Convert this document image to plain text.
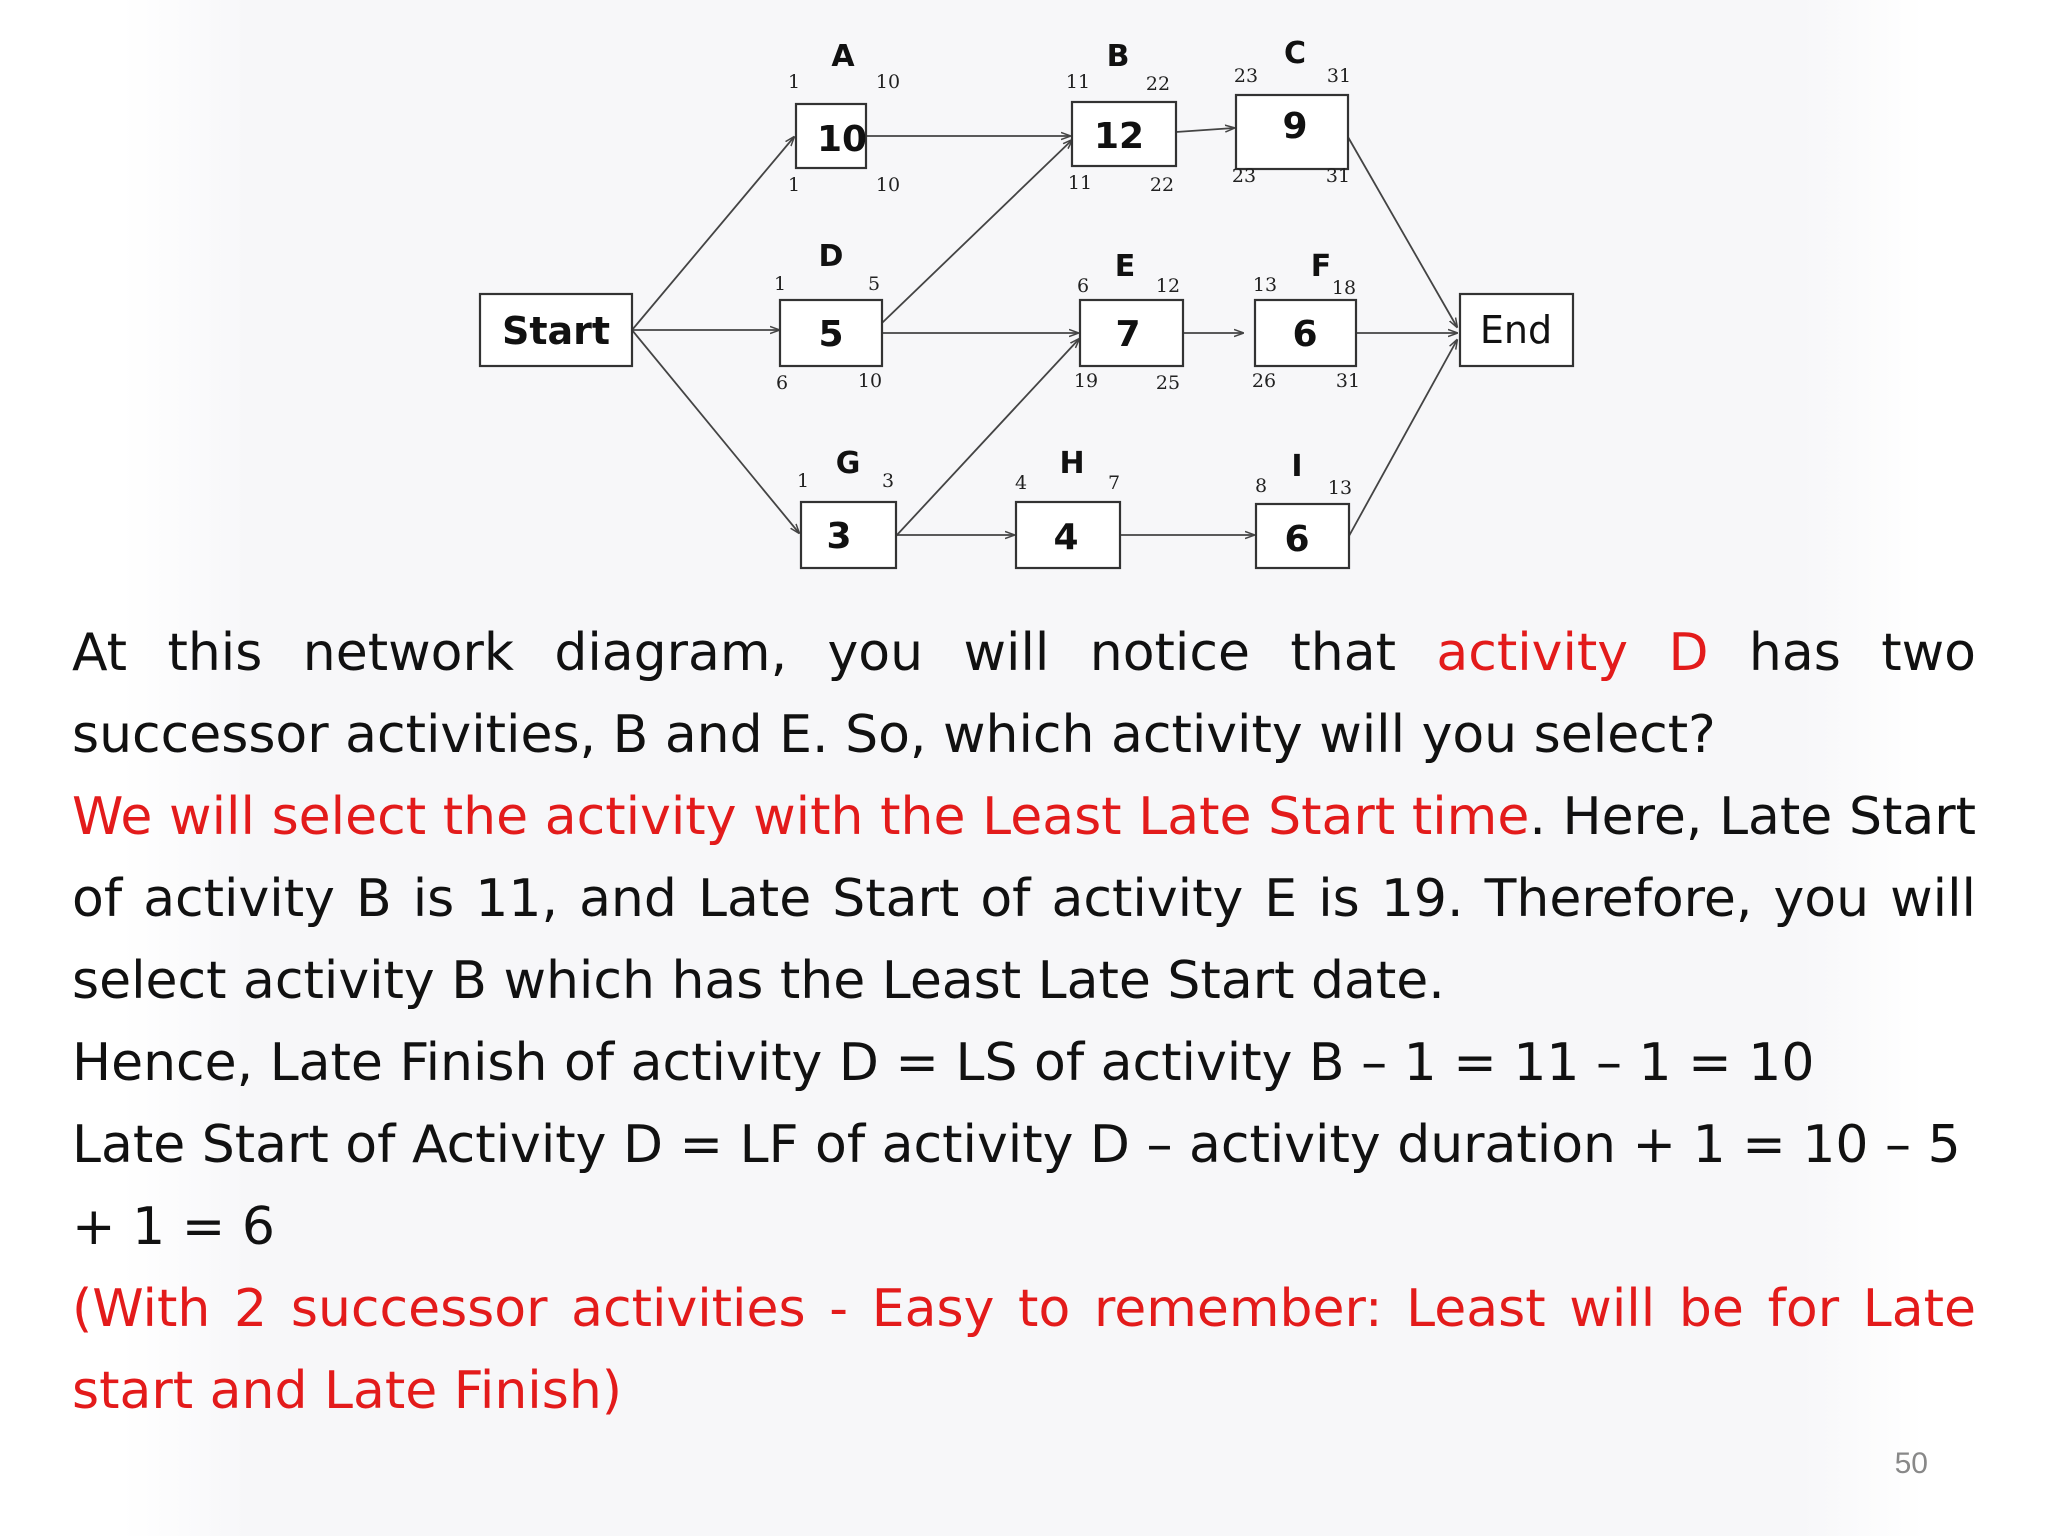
Start	End
A
10
1	10
1	10
B
12
11	22
11	22
C
9
23	31
23	31
D
5
1	5
6	10
E
7
6	12
19	25
F
6
13	18
26	31
G
3
1	3	H
4
4	7	I
6
8	13

At this network diagram, you will notice that activity D has two successor activities, B and E. So, which activity will you select?

We will select the activity with the Least Late Start time. Here, Late Start of activity B is 11, and Late Start of activity E is 19. Therefore, you will select activity B which has the Least Late Start date.

Hence, Late Finish of activity D = LS of activity B – 1 = 11 – 1 = 10

Late Start of Activity D = LF of activity D – activity duration + 1 = 10 – 5 + 1 = 6

(With 2 successor activities - Easy to remember: Least will be for Late start and Late Finish)

50
